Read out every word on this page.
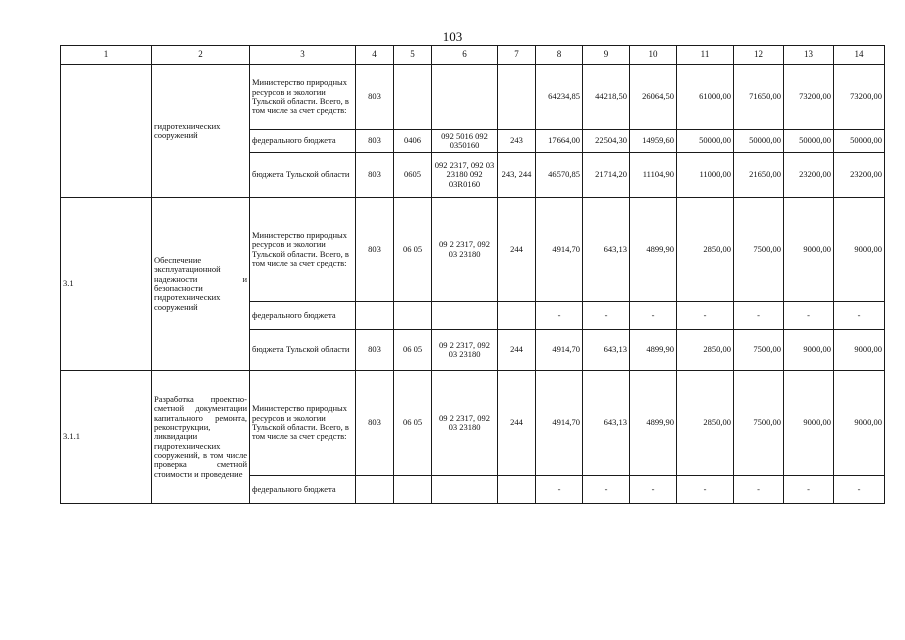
103
1	2	3	4	5	6	7	8	9	10	11	12	13	14
	гидротехнических сооружений	Министерство природных ресурсов и экологии Тульской области. Всего, в том числе за счет средств:	803				64234,85	44218,50	26064,50	61000,00	71650,00	73200,00	73200,00
		федерального бюджета	803	0406	092 5016 092 0350160	243	17664,00	22504,30	14959,60	50000,00	50000,00	50000,00	50000,00
		бюджета Тульской области	803	0605	092 2317, 092 03 23180 092 03R0160	243, 244	46570,85	21714,20	11104,90	11000,00	21650,00	23200,00	23200,00
3.1	Обеспечение эксплуатационной надежности и безопасности гидротехнических сооружений	Министерство природных ресурсов и экологии Тульской области. Всего, в том числе за счет средств:	803	06 05	09 2 2317, 092 03 23180	244	4914,70	643,13	4899,90	2850,00	7500,00	9000,00	9000,00
		федерального бюджета					-	-	-	-	-	-	-
		бюджета Тульской области	803	06 05	09 2 2317, 092 03 23180	244	4914,70	643,13	4899,90	2850,00	7500,00	9000,00	9000,00
3.1.1	Разработка проектно-сметной документации капитального ремонта, реконструкции, ликвидации гидротехнических сооружений, в том числе проверка сметной стоимости и проведение	Министерство природных ресурсов и экологии Тульской области. Всего, в том числе за счет средств:	803	06 05	09 2 2317, 092 03 23180	244	4914,70	643,13	4899,90	2850,00	7500,00	9000,00	9000,00
		федерального бюджета					-	-	-	-	-	-	-
